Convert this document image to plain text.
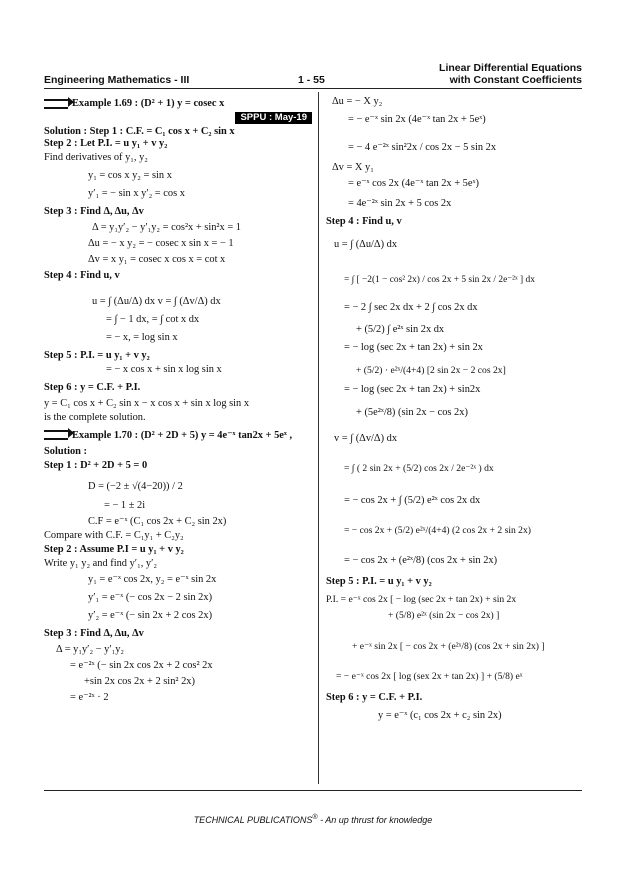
Engineering Mathematics - III	1 - 55
Linear Differential Equations
with Constant Coefficients

Example 1.69 : (D² + 1) y = cosec x

SPPU : May-19

Solution : Step 1 : C.F. = C₁ cos x + C₂ sin x

Step 2 : Let P.I. = u y₁ + v y₂

Find derivatives of y₁, y₂

y₁ = cos x y₂ = sin x

y′₁ = − sin x y′₂ = cos x

Step 3 : Find Δ, Δu, Δv

Δ = y₁y′₂ − y′₁y₂ = cos²x + sin²x = 1

Δu = − x y₂ = − cosec x sin x = − 1

Δv = x y₁ = cosec x cos x = cot x

Step 4 : Find u, v

u = ∫ (Δu/Δ) dx v = ∫ (Δv/Δ) dx

= ∫ − 1 dx, = ∫ cot x dx

= − x, = log sin x

Step 5 : P.I. = u y₁ + v y₂

= − x cos x + sin x log sin x

Step 6 : y = C.F. + P.I.

y = C₁ cos x + C₂ sin x − x cos x + sin x log sin x

is the complete solution.

Example 1.70 : (D² + 2D + 5) y = 4e⁻ˣ tan2x + 5eˣ ,

Solution :

Step 1 : D² + 2D + 5 = 0

D = (−2 ± √(4−20)) / 2

= − 1 ± 2i

C.F = e⁻ˣ (C₁ cos 2x + C₂ sin 2x)

Compare with C.F. = C₁y₁ + C₂y₂

Step 2 : Assume P.I = u y₁ + v y₂

Write y₁ y₂ and find y′₁, y′₂

y₁ = e⁻ˣ cos 2x, y₂ = e⁻ˣ sin 2x

y′₁ = e⁻ˣ (− cos 2x − 2 sin 2x)

y′₂ = e⁻ˣ (− sin 2x + 2 cos 2x)

Step 3 : Find Δ, Δu, Δv

Δ = y₁y′₂ − y′₁y₂

= e⁻²ˣ (− sin 2x cos 2x + 2 cos² 2x

+sin 2x cos 2x + 2 sin² 2x)

= e⁻²ˣ · 2

Δu = − X y₂

= − e⁻ˣ sin 2x (4e⁻ˣ tan 2x + 5eˣ)

= − 4 e⁻²ˣ sin²2x / cos 2x − 5 sin 2x

Δv = X y₁

= e⁻ˣ cos 2x (4e⁻ˣ tan 2x + 5eˣ)

= 4e⁻²ˣ sin 2x + 5 cos 2x

Step 4 : Find u, v

u = ∫ (Δu/Δ) dx

= ∫ [ −2(1 − cos² 2x) / cos 2x + 5 sin 2x / 2e⁻²ˣ ] dx

= − 2 ∫ sec 2x dx + 2 ∫ cos 2x dx

+ (5/2) ∫ e²ˣ sin 2x dx

= − log (sec 2x + tan 2x) + sin 2x

+ (5/2) · e²ˣ/(4+4) [2 sin 2x − 2 cos 2x]

= − log (sec 2x + tan 2x) + sin2x

+ (5e²ˣ/8) (sin 2x − cos 2x)

v = ∫ (Δv/Δ) dx

= ∫ ( 2 sin 2x + (5/2) cos 2x / 2e⁻²ˣ ) dx

= − cos 2x + ∫ (5/2) e²ˣ cos 2x dx

= − cos 2x + (5/2) e²ˣ/(4+4) (2 cos 2x + 2 sin 2x)

= − cos 2x + (e²ˣ/8) (cos 2x + sin 2x)

Step 5 : P.I. = u y₁ + v y₂

P.I. = e⁻ˣ cos 2x [ − log (sec 2x + tan 2x) + sin 2x

+ (5/8) e²ˣ (sin 2x − cos 2x) ]

+ e⁻ˣ sin 2x [ − cos 2x + (e²ˣ/8) (cos 2x + sin 2x) ]

= − e⁻ˣ cos 2x [ log (sex 2x + tan 2x) ] + (5/8) eˣ

Step 6 : y = C.F. + P.I.

y = e⁻ˣ (c₁ cos 2x + c₂ sin 2x)

TECHNICAL PUBLICATIONS® - An up thrust for knowledge
